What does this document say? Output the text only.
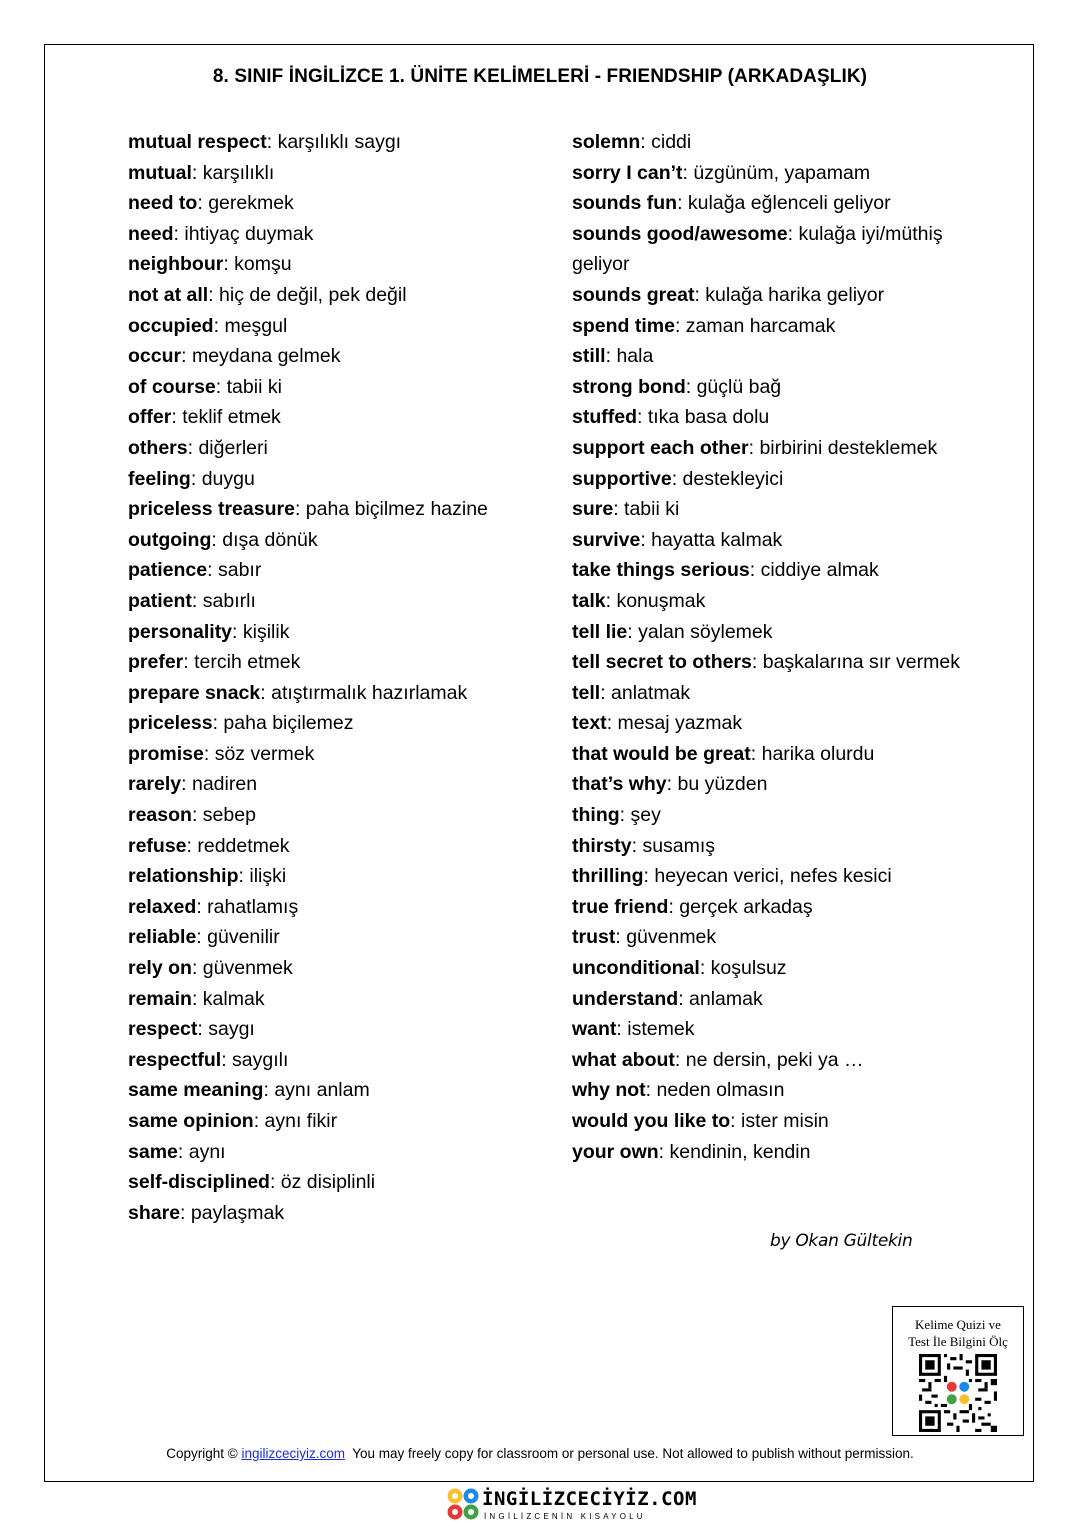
8. SINIF İNGİLİZCE 1. ÜNİTE KELİMELERİ - FRIENDSHIP (ARKADAŞLIK)
mutual respect: karşılıklı saygı
mutual: karşılıklı
need to: gerekmek
need: ihtiyaç duymak
neighbour: komşu
not at all: hiç de değil, pek değil
occupied: meşgul
occur: meydana gelmek
of course: tabii ki
offer: teklif etmek
others: diğerleri
feeling: duygu
priceless treasure: paha biçilmez hazine
outgoing: dışa dönük
patience: sabır
patient: sabırlı
personality: kişilik
prefer: tercih etmek
prepare snack: atıştırmalık hazırlamak
priceless: paha biçilemez
promise: söz vermek
rarely: nadiren
reason: sebep
refuse: reddetmek
relationship: ilişki
relaxed: rahatlamış
reliable: güvenilir
rely on: güvenmek
remain: kalmak
respect: saygı
respectful: saygılı
same meaning: aynı anlam
same opinion: aynı fikir
same: aynı
self-disciplined: öz disiplinli
share: paylaşmak
solemn: ciddi
sorry I can’t: üzgünüm, yapamam
sounds fun: kulağa eğlenceli geliyor
sounds good/awesome: kulağa iyi/müthiş geliyor
sounds great: kulağa harika geliyor
spend time: zaman harcamak
still: hala
strong bond: güçlü bağ
stuffed: tıka basa dolu
support each other: birbirini desteklemek
supportive: destekleyici
sure: tabii ki
survive: hayatta kalmak
take things serious: ciddiye almak
talk: konuşmak
tell lie: yalan söylemek
tell secret to others: başkalarına sır vermek
tell: anlatmak
text: mesaj yazmak
that would be great: harika olurdu
that’s why: bu yüzden
thing: şey
thirsty: susamış
thrilling: heyecan verici, nefes kesici
true friend: gerçek arkadaş
trust: güvenmek
unconditional: koşulsuz
understand: anlamak
want: istemek
what about: ne dersin, peki ya …
why not: neden olmasın
would you like to: ister misin
your own: kendinin, kendin
by Okan Gültekin
Kelime Quizi ve
Test İle Bilgini Ölç
Copyright © ingilizceciyiz.com You may freely copy for classroom or personal use. Not allowed to publish without permission.
İNGİLİZCECİYİZ.COM
İNGİLİZCENİN KISAYOLU
